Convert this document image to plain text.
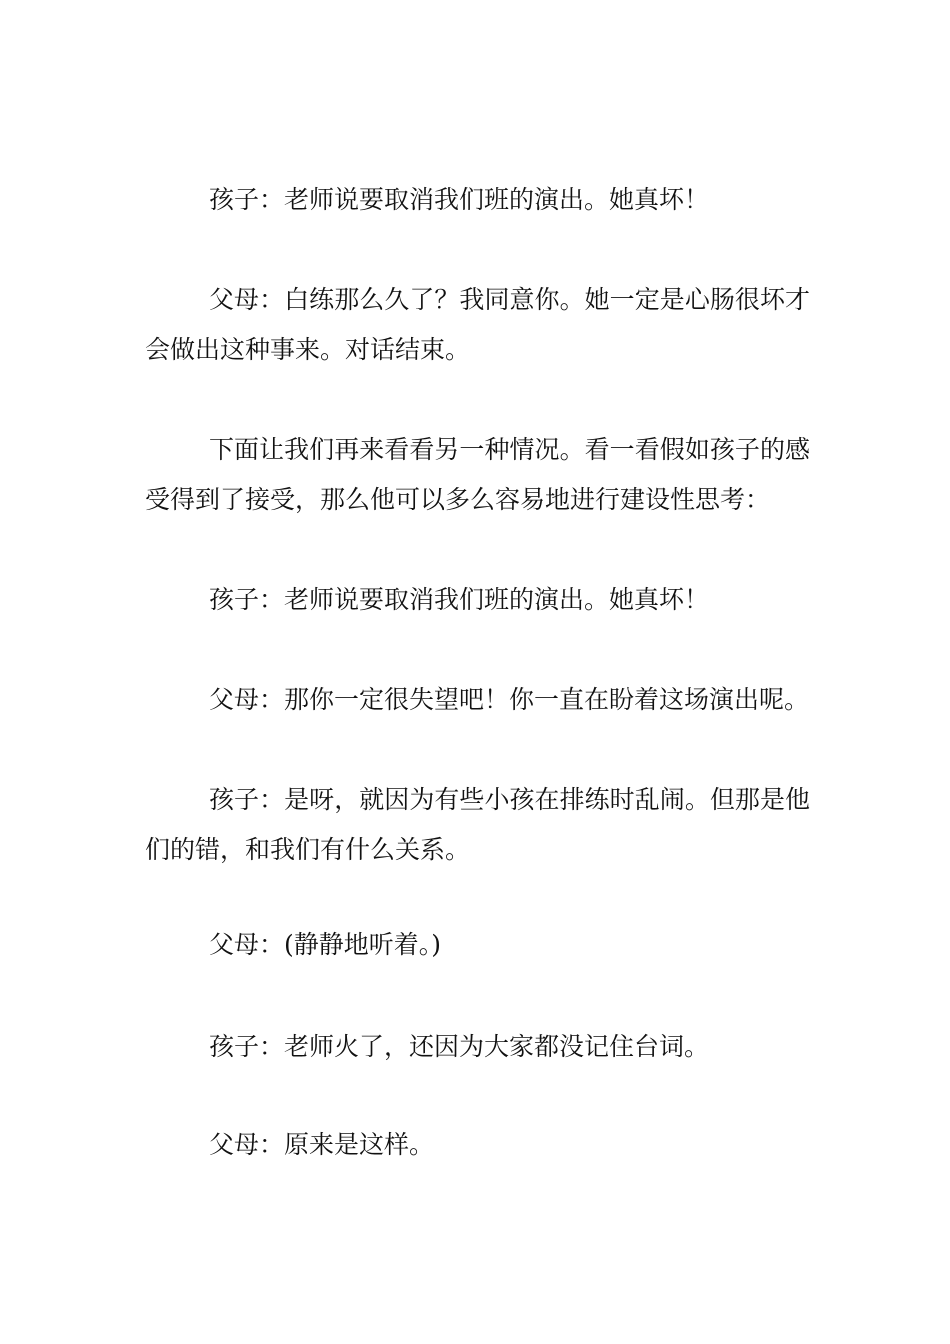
孩子：老师说要取消我们班的演出。她真坏！

父母：白练那么久了？我同意你。她一定是心肠很坏才会做出这种事来。对话结束。

下面让我们再来看看另一种情况。看一看假如孩子的感受得到了接受，那么他可以多么容易地进行建设性思考：

孩子：老师说要取消我们班的演出。她真坏！

父母：那你一定很失望吧！你一直在盼着这场演出呢。

孩子：是呀，就因为有些小孩在排练时乱闹。但那是他们的错，和我们有什么关系。

父母：(静静地听着。)

孩子：老师火了，还因为大家都没记住台词。

父母：原来是这样。
